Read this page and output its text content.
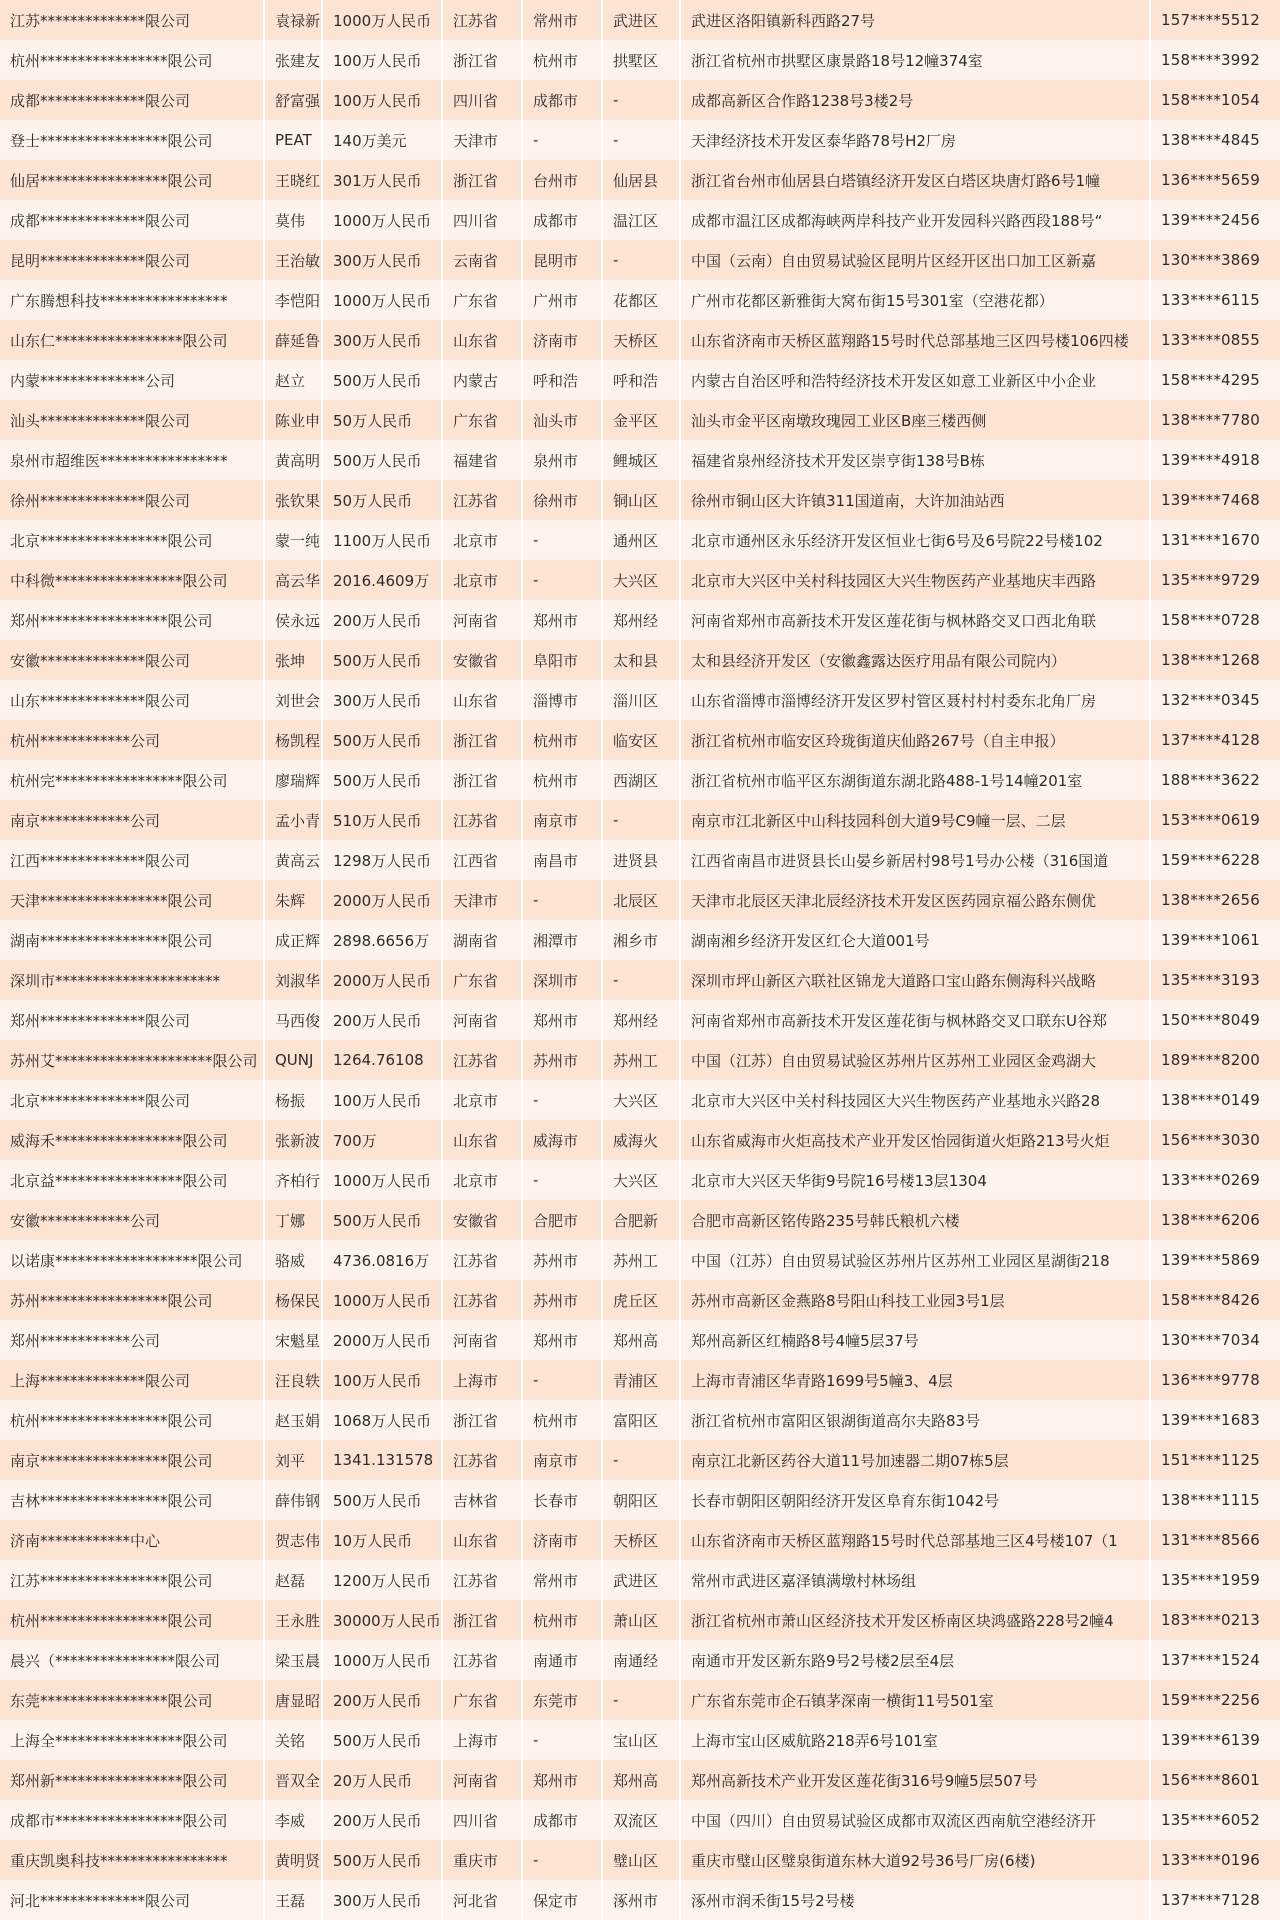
江苏**************限公司	袁禄新	1000万人民币	江苏省	常州市	武进区	武进区洛阳镇新科西路27号	157****5512
杭州*****************限公司	张建友	100万人民币	浙江省	杭州市	拱墅区	浙江省杭州市拱墅区康景路18号12幢374室	158****3992
成都**************限公司	舒富强	100万人民币	四川省	成都市	-	成都高新区合作路1238号3楼2号	158****1054
登士*****************限公司	PEAT	140万美元	天津市	-	-	天津经济技术开发区泰华路78号H2厂房	138****4845
仙居*****************限公司	王晓红	301万人民币	浙江省	台州市	仙居县	浙江省台州市仙居县白塔镇经济开发区白塔区块唐灯路6号1幢	136****5659
成都**************限公司	莫伟	1000万人民币	四川省	成都市	温江区	成都市温江区成都海峡两岸科技产业开发园科兴路西段188号“	139****2456
昆明**************限公司	王治敏	300万人民币	云南省	昆明市	-	中国（云南）自由贸易试验区昆明片区经开区出口加工区新嘉	130****3869
广东腾想科技*****************	李恺阳	1000万人民币	广东省	广州市	花都区	广州市花都区新雅街大窝布街15号301室（空港花都）	133****6115
山东仁*****************限公司	薛延鲁	300万人民币	山东省	济南市	天桥区	山东省济南市天桥区蓝翔路15号时代总部基地三区四号楼106四楼	133****0855
内蒙**************公司	赵立	500万人民币	内蒙古	呼和浩	呼和浩	内蒙古自治区呼和浩特经济技术开发区如意工业新区中小企业	158****4295
汕头**************限公司	陈业申	50万人民币	广东省	汕头市	金平区	汕头市金平区南墩玫瑰园工业区B座三楼西侧	138****7780
泉州市超维医*****************	黄高明	500万人民币	福建省	泉州市	鲤城区	福建省泉州经济技术开发区崇亨街138号B栋	139****4918
徐州**************限公司	张钦果	50万人民币	江苏省	徐州市	铜山区	徐州市铜山区大许镇311国道南，大许加油站西	139****7468
北京*****************限公司	蒙一纯	1100万人民币	北京市	-	通州区	北京市通州区永乐经济开发区恒业七街6号及6号院22号楼102	131****1670
中科微*****************限公司	高云华	2016.4609万	北京市	-	大兴区	北京市大兴区中关村科技园区大兴生物医药产业基地庆丰西路	135****9729
郑州*****************限公司	侯永远	200万人民币	河南省	郑州市	郑州经	河南省郑州市高新技术开发区莲花街与枫林路交叉口西北角联	158****0728
安徽**************限公司	张坤	500万人民币	安徽省	阜阳市	太和县	太和县经济开发区（安徽鑫露达医疗用品有限公司院内）	138****1268
山东**************限公司	刘世会	300万人民币	山东省	淄博市	淄川区	山东省淄博市淄博经济开发区罗村管区聂村村村委东北角厂房	132****0345
杭州************公司	杨凯程	500万人民币	浙江省	杭州市	临安区	浙江省杭州市临安区玲珑街道庆仙路267号（自主申报）	137****4128
杭州完*****************限公司	廖瑞辉	500万人民币	浙江省	杭州市	西湖区	浙江省杭州市临平区东湖街道东湖北路488-1号14幢201室	188****3622
南京************公司	孟小青	510万人民币	江苏省	南京市	-	南京市江北新区中山科技园科创大道9号C9幢一层、二层	153****0619
江西**************限公司	黄高云	1298万人民币	江西省	南昌市	进贤县	江西省南昌市进贤县长山晏乡新居村98号1号办公楼（316国道	159****6228
天津*****************限公司	朱辉	2000万人民币	天津市	-	北辰区	天津市北辰区天津北辰经济技术开发区医药园京福公路东侧优	138****2656
湖南*****************限公司	成正辉	2898.6656万	湖南省	湘潭市	湘乡市	湖南湘乡经济开发区红仑大道001号	139****1061
深圳市**********************	刘淑华	2000万人民币	广东省	深圳市	-	深圳市坪山新区六联社区锦龙大道路口宝山路东侧海科兴战略	135****3193
郑州**************限公司	马西俊	200万人民币	河南省	郑州市	郑州经	河南省郑州市高新技术开发区莲花街与枫林路交叉口联东U谷郑	150****8049
苏州艾*********************限公司	QUNJ	1264.76108	江苏省	苏州市	苏州工	中国（江苏）自由贸易试验区苏州片区苏州工业园区金鸡湖大	189****8200
北京**************限公司	杨振	100万人民币	北京市	-	大兴区	北京市大兴区中关村科技园区大兴生物医药产业基地永兴路28	138****0149
威海禾*****************限公司	张新波	700万	山东省	威海市	威海火	山东省威海市火炬高技术产业开发区怡园街道火炬路213号火炬	156****3030
北京益*****************限公司	齐柏行	1000万人民币	北京市	-	大兴区	北京市大兴区天华街9号院16号楼13层1304	133****0269
安徽************公司	丁娜	500万人民币	安徽省	合肥市	合肥新	合肥市高新区铭传路235号韩氏粮机六楼	138****6206
以诺康*******************限公司	骆威	4736.0816万	江苏省	苏州市	苏州工	中国（江苏）自由贸易试验区苏州片区苏州工业园区星湖街218	139****5869
苏州*****************限公司	杨保民	1000万人民币	江苏省	苏州市	虎丘区	苏州市高新区金燕路8号阳山科技工业园3号1层	158****8426
郑州************公司	宋魁星	2000万人民币	河南省	郑州市	郑州高	郑州高新区红楠路8号4幢5层37号	130****7034
上海**************限公司	汪良轶	100万人民币	上海市	-	青浦区	上海市青浦区华青路1699号5幢3、4层	136****9778
杭州*****************限公司	赵玉娟	1068万人民币	浙江省	杭州市	富阳区	浙江省杭州市富阳区银湖街道高尔夫路83号	139****1683
南京*****************限公司	刘平	1341.131578	江苏省	南京市	-	南京江北新区药谷大道11号加速器二期07栋5层	151****1125
吉林*****************限公司	薛伟钢	500万人民币	吉林省	长春市	朝阳区	长春市朝阳区朝阳经济开发区阜育东街1042号	138****1115
济南************中心	贺志伟	10万人民币	山东省	济南市	天桥区	山东省济南市天桥区蓝翔路15号时代总部基地三区4号楼107（1	131****8566
江苏*****************限公司	赵磊	1200万人民币	江苏省	常州市	武进区	常州市武进区嘉泽镇满墩村林场组	135****1959
杭州*****************限公司	王永胜	30000万人民币	浙江省	杭州市	萧山区	浙江省杭州市萧山区经济技术开发区桥南区块鸿盛路228号2幢4	183****0213
晨兴（****************限公司	梁玉晨	1000万人民币	江苏省	南通市	南通经	南通市开发区新东路9号2号楼2层至4层	137****1524
东莞*****************限公司	唐显昭	200万人民币	广东省	东莞市	-	广东省东莞市企石镇茅深南一横街11号501室	159****2256
上海全*****************限公司	关铭	500万人民币	上海市	-	宝山区	上海市宝山区威航路218弄6号101室	139****6139
郑州新*****************限公司	晋双全	20万人民币	河南省	郑州市	郑州高	郑州高新技术产业开发区莲花街316号9幢5层507号	156****8601
成都市*****************限公司	李威	200万人民币	四川省	成都市	双流区	中国（四川）自由贸易试验区成都市双流区西南航空港经济开	135****6052
重庆凯奥科技*****************	黄明贤	500万人民币	重庆市	-	璧山区	重庆市璧山区璧泉街道东林大道92号36号厂房(6楼)	133****0196
河北**************限公司	王磊	300万人民币	河北省	保定市	涿州市	涿州市润禾街15号2号楼	137****7128
